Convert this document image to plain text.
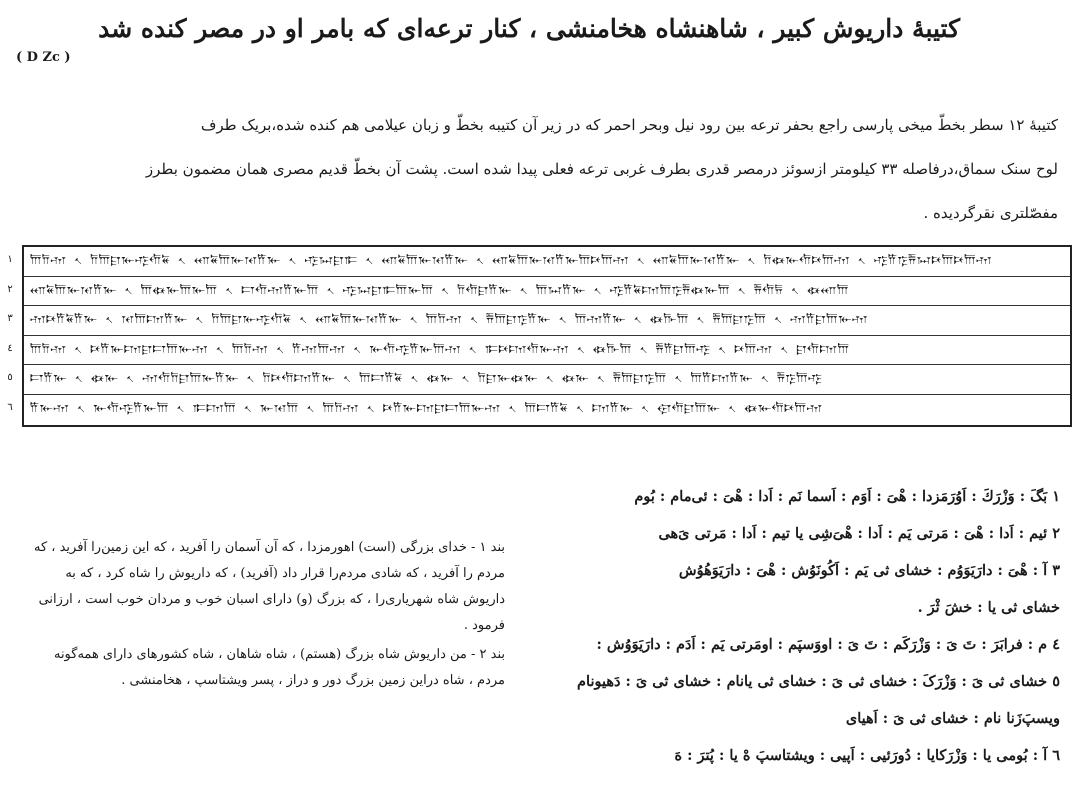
کتیبهٔ داریوش کبیر ، شاهنشاه هخامنشی ، کنار ترعه‌ای که بامر او در مصر کنده شد
( D Zc )
کتیبهٔ ۱۲ سطر بخطّ میخی پارسی راجع بحفر ترعه بین رود نیل وبحر احمر که در زیر آن کتیبه بخطّ و زبان عیلامی هم کنده شده،بریک طرف
لوح سنک سماق،درفاصله ۳۳ کیلومتر ازسوئز درمصر قدری بطرف غربی ترعه فعلی پیدا شده است. پشت آن بخطّ قدیم مصری همان مضمون بطرز
مفصّلتری نقرگردیده .
۱
۲
۳
٤
٥
٦
𐎠𐎭𐎶 𐏐 𐎭𐎠𐎼𐎹𐎺𐎢𐏁 𐏐 𐎧𐏁𐎠𐎹𐎰𐎡𐎹 𐏐 𐎺𐏀𐎼𐎣 𐏐 𐎧𐏁𐎠𐎹𐎰𐎡𐎹 𐏐 𐎧𐏁𐎠𐎹𐎰𐎡𐎹𐎠𐎴𐎠𐎶 𐏐 𐎧𐏁𐎠𐎹𐎰𐎡𐎹 𐏐 𐎭𐏃𐎹𐎢𐎴𐎠𐎶 𐏐 𐎺𐎡𐎿𐎱𐏀𐎴𐎠𐎴𐎠𐎶
𐎧𐏁𐎠𐎹𐎰𐎡𐎹 𐏐 𐎠𐏃𐎹𐎠𐎹𐎠 𐏐 𐎲𐎢𐎶𐎡𐎹𐎠 𐏐 𐎺𐏀𐎼𐎣𐎠𐎹𐎠 𐏐 𐎭𐎢𐎼𐎡𐎹 𐏐 𐎠𐏀𐎡𐎹 𐏐 𐎺𐎡𐏁𐎫𐎠𐎿𐎱𐏃𐎹𐎠 𐏐 𐎱𐎢𐏂 𐏐 𐏃𐎧𐎠
𐎶𐎴𐎡𐏁𐎡𐎹 𐏐 𐎰𐎠𐎫𐎡𐎹 𐏐 𐎭𐎠𐎼𐎹𐎺𐎢𐏁 𐏐 𐎧𐏁𐎠𐎹𐎰𐎡𐎹 𐏐 𐎠𐎭𐎶 𐏐 𐎱𐎠𐎼𐎿𐎡𐎹 𐏐 𐎠𐎶𐎡𐎹 𐏐 𐏃𐎨𐎠 𐏐 𐎱𐎠𐎼𐎿𐎠 𐏐 𐎶𐎡𐎼𐎠𐎹𐎶
𐎠𐎭𐎶 𐏐 𐎴𐎡𐎹𐎫𐎼𐎲𐎠𐎹𐎶 𐏐 𐎠𐎭𐎶 𐏐 𐎡𐎶𐎠𐎶 𐏐 𐎹𐎢𐎺𐎡𐎹𐎠𐎶 𐏐 𐎣𐎴𐎫𐎢𐎹𐎶 𐏐 𐏃𐎨𐎠 𐏐 𐎱𐎡𐎼𐎠𐎺 𐏐 𐎴𐎠𐎶 𐏐 𐎼𐎢𐎫𐎠
𐎲𐎡𐎹 𐏐 𐏃𐎹 𐏐 𐎶𐎢𐎭𐎼𐎠𐎹𐎡𐎹 𐏐 𐎭𐎴𐎢𐎫𐎡𐎹 𐏐 𐎠𐎲𐎡𐏁 𐏐 𐏃𐎹 𐏐 𐎭𐎼𐎹𐏃𐎹 𐏐 𐏃𐎹 𐏐 𐎱𐎠𐎼𐎿𐎠 𐏐 𐎠𐎡𐎫𐎡𐎹 𐏐 𐎱𐎿𐎠𐎺
𐎡𐎹𐎶 𐏐 𐎹𐎢𐎺𐎡𐎹𐎠 𐏐 𐎣𐎫𐎠 𐏐 𐎹𐎰𐎠 𐏐 𐎠𐎭𐎶 𐏐 𐎴𐎡𐎹𐎫𐎼𐎲𐎠𐎹𐎶 𐏐 𐎠𐎲𐎡𐏁 𐏐 𐎫𐎡𐎹 𐏐 𐎯𐎢𐎼𐎠𐎹 𐏐 𐏃𐎹𐎢𐎴𐎠𐎶

بند ۱ - خدای بزرگی (است) اهورمزدا ، که آن آسمان را آفرید ، که این زمین‌را آفرید ، که مردم را آفرید ، که شادی مردم‌را قرار داد (آفرید) ، که داریوش را شاه کرد ، که به داریوش شاه شهریاری‌را ، که بزرگ (و) دارای اسبان خوب و مردان خوب است ، ارزانی فرمود .

بند ۲ - من داریوش شاه بزرگ (هستم) ، شاه شاهان ، شاه کشورهای دارای همه‌گونه مردم ، شاه دراین زمین بزرگ دور و دراز ، پسر ویشتاسپ ، هخامنشی .

۱ بَگَ : وَزْرَكَ : اَوُرَمَزدا : هْیَ : اَوَم : اَسما نَم : اَدا : هْیَ : ئی‌مام : بُوم
۲ ئیم : اَدا : هْیَ : مَرتی یَم : اَدا : هْیَ‌شِی یا تیم : اَدا : مَرتی یَ‌هی
۳ آ : هْیَ : دارَیَوَوُم : خشای ثی یَم : اَکُونَوُش : هْیَ : دارَیَوَهُوُش
خشای ثی یا : خشَ ثْرَ .
٤ م : فرابَرَ : تَ یَ : وَزْرَکَم : تَ یَ : اووَسپَم : اومَرتی یَم : اَدَم : دارَیَوَوُش :
٥ خشای ثی یَ : وَزْرَکَ : خشای ثی یَ : خشای ثی یانام : خشای ثی یَ : دَهیونام
ویسپَ‌زَنا نام : خشای ثی یَ : اَهیای
٦ آ : بُومی یا : وَزْرَکایا : دُورَئیی : اَپیی : ویشتاسپَ هْ یا : پُترَ : هَ
